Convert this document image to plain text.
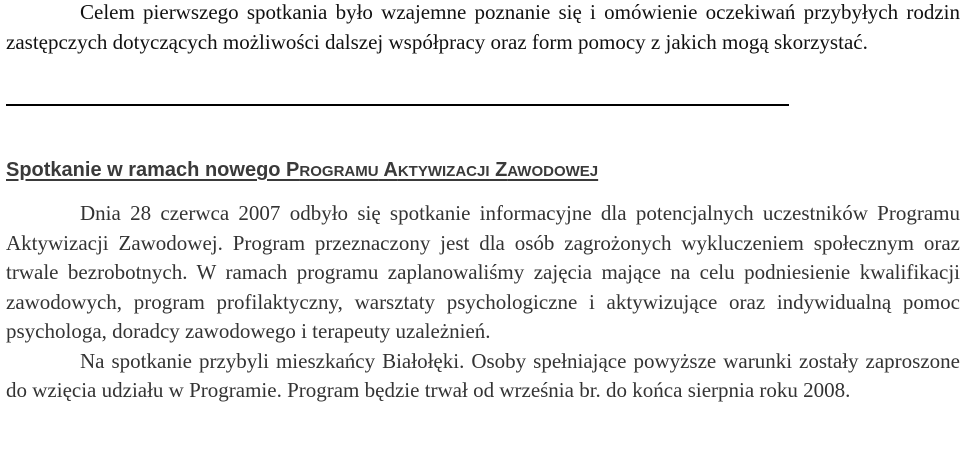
Celem pierwszego spotkania było wzajemne poznanie się i omówienie oczekiwań przybyłych rodzin zastępczych dotyczących możliwości dalszej współpracy oraz form pomocy z jakich mogą skorzystać.

Spotkanie w ramach nowego PROGRAMU AKTYWIZACJI ZAWODOWEJ

Dnia 28 czerwca 2007 odbyło się spotkanie informacyjne dla potencjalnych uczestników Programu Aktywizacji Zawodowej. Program przeznaczony jest dla osób zagrożonych wykluczeniem społecznym oraz trwale bezrobotnych. W ramach programu zaplanowaliśmy zajęcia mające na celu podniesienie kwalifikacji zawodowych, program profilaktyczny, warsztaty psychologiczne i aktywizujące oraz indywidualną pomoc psychologa, doradcy zawodowego i terapeuty uzależnień.

Na spotkanie przybyli mieszkańcy Białołęki. Osoby spełniające powyższe warunki zostały zaproszone do wzięcia udziału w Programie. Program będzie trwał od września br. do końca sierpnia roku 2008.
